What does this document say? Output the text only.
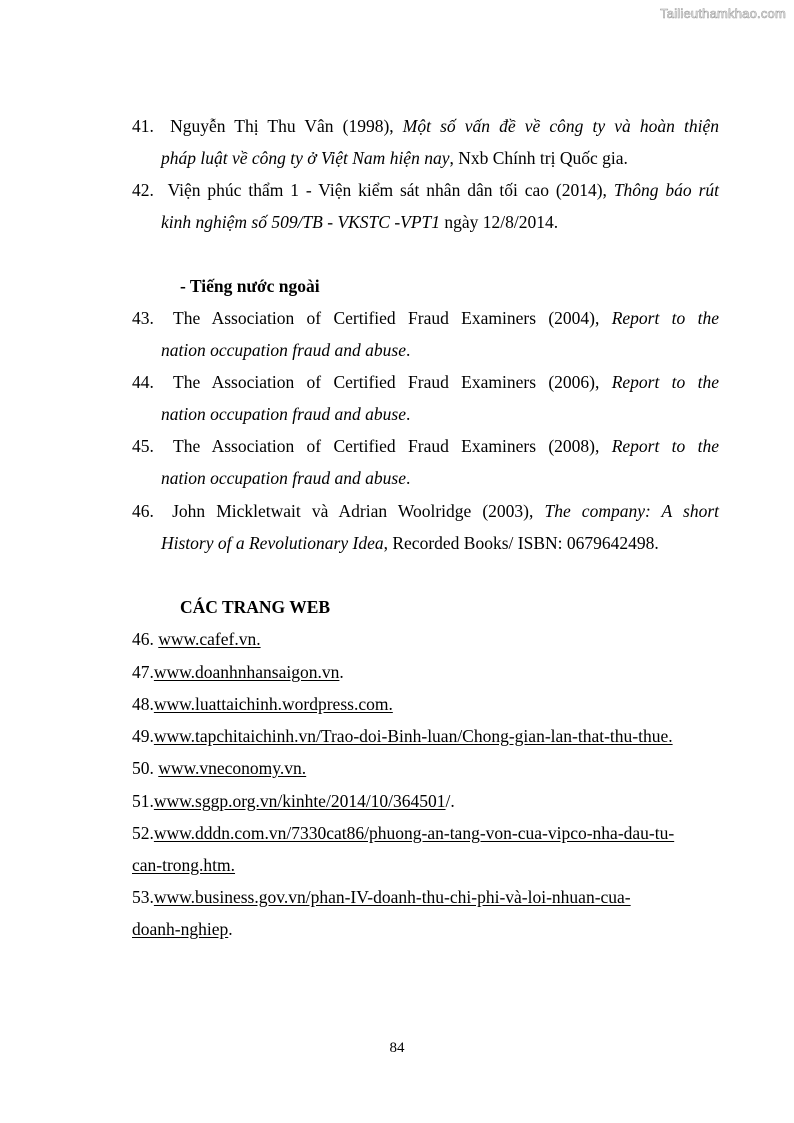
Tailieuthamkhao.com
41. Nguyễn Thị Thu Vân (1998), Một số vấn đề về công ty và hoàn thiện
pháp luật về công ty ở Việt Nam hiện nay, Nxb Chính trị Quốc gia.
42. Viện phúc thẩm 1 - Viện kiểm sát nhân dân tối cao (2014), Thông báo rút
kinh nghiệm số 509/TB - VKSTC -VPT1 ngày 12/8/2014.
- Tiếng nước ngoài
43. The Association of Certified Fraud Examiners (2004), Report to the
nation occupation fraud and abuse.
44. The Association of Certified Fraud Examiners (2006), Report to the
nation occupation fraud and abuse.
45. The Association of Certified Fraud Examiners (2008), Report to the
nation occupation fraud and abuse.
46. John Mickletwait và Adrian Woolridge (2003), The company: A short
History of a Revolutionary Idea, Recorded Books/ ISBN: 0679642498.
CÁC TRANG WEB
46. www.cafef.vn.
47.www.doanhnhansaigon.vn.
48.www.luattaichinh.wordpress.com.
49.www.tapchitaichinh.vn/Trao-doi-Binh-luan/Chong-gian-lan-that-thu-thue.
50. www.vneconomy.vn.
51.www.sggp.org.vn/kinhte/2014/10/364501/.
52.www.dddn.com.vn/7330cat86/phuong-an-tang-von-cua-vipco-nha-dau-tu-
can-trong.htm.
53.www.business.gov.vn/phan-IV-doanh-thu-chi-phi-và-loi-nhuan-cua-
doanh-nghiep.
84
